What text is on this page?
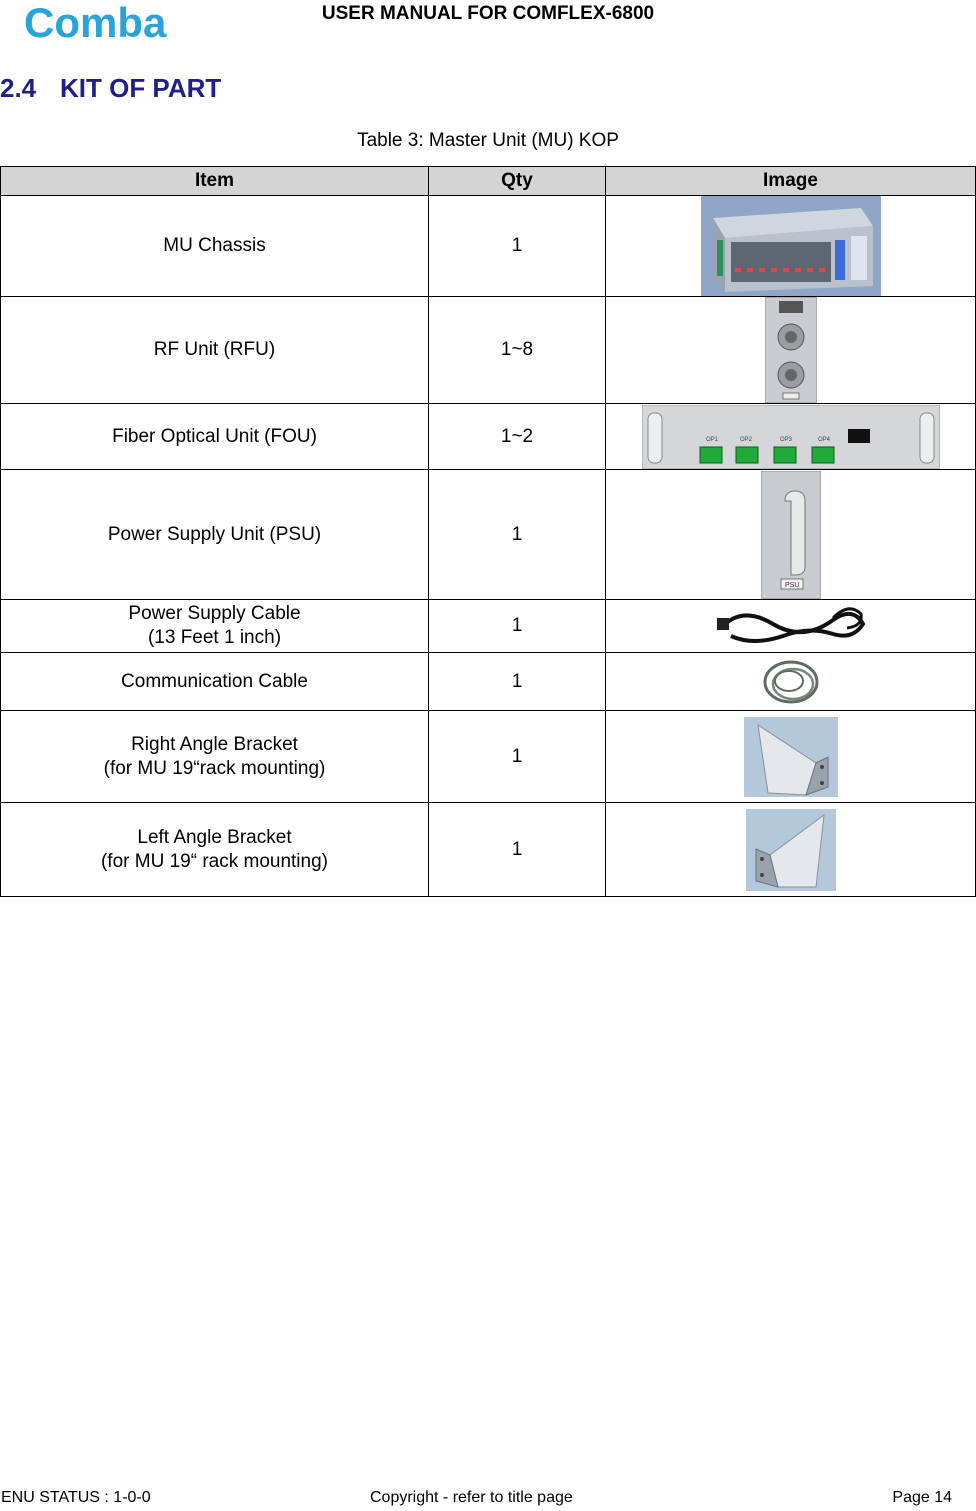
Comba	USER MANUAL FOR COMFLEX-6800
2.4 KIT OF PART
Table 3: Master Unit (MU) KOP
Item	Qty	Image
MU Chassis	1	

RF Unit (RFU)	1~8	

Fiber Optical Unit (FOU)	1~2	OP1 OP2 OP3 OP4

Power Supply Unit (PSU)	1	PSU

Power Supply Cable
(13 Feet 1 inch)	1	

Communication Cable	1	

Right Angle Bracket
(for MU 19“rack mounting)	1	

Left Angle Bracket
(for MU 19“ rack mounting)	1	
ENU STATUS : 1-0-0	Copyright - refer to title page	Page 14
